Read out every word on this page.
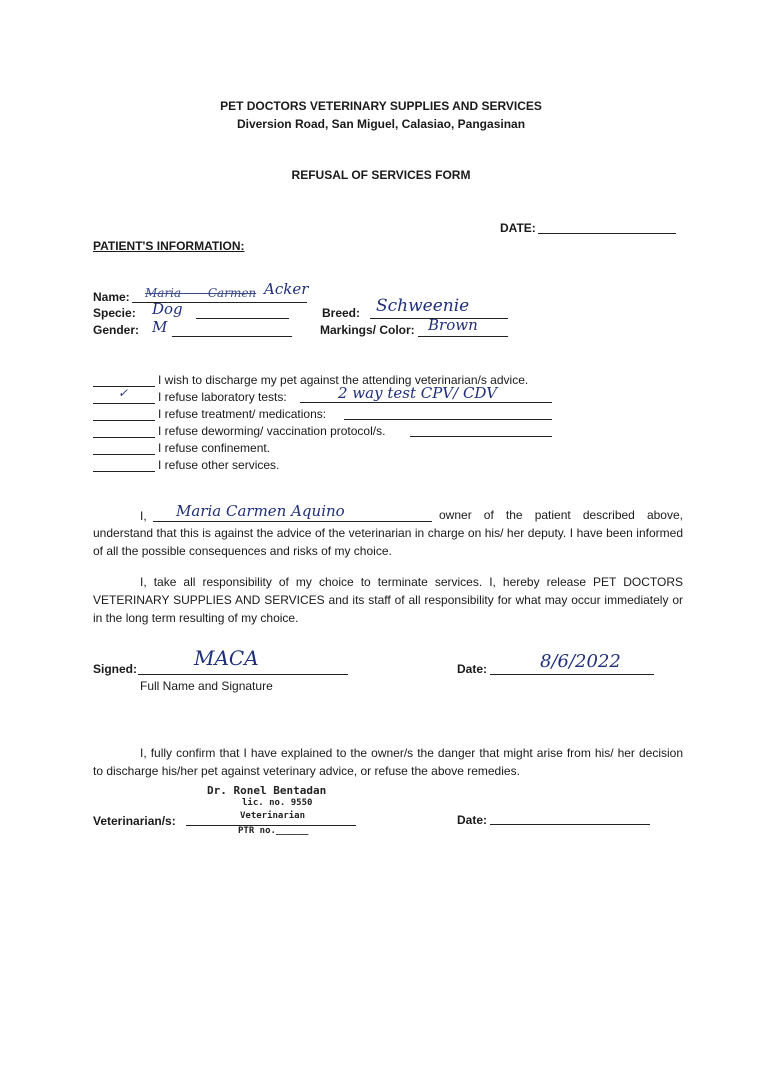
PET DOCTORS VETERINARY SUPPLIES AND SERVICES
Diversion Road, San Miguel, Calasiao, Pangasinan
REFUSAL OF SERVICES FORM
DATE:
PATIENT'S INFORMATION:
Name: Maria       Carmen Acker
Specie: Dog
Gender: M
Breed: Schweenie
Markings/ Color: Brown
I wish to discharge my pet against the attending veterinarian/s advice.
✓ I refuse laboratory tests:	2 way test CPV/ CDV
I refuse treatment/ medications:
I refuse deworming/ vaccination protocol/s.
I refuse confinement.
I refuse other services.
I, Maria Carmen Aquino	owner of the patient described above, understand that this is against the advice of the veterinarian in charge on his/ her deputy. I have been informed of all the possible consequences and risks of my choice.
I, take all responsibility of my choice to terminate services. I, hereby release PET DOCTORS VETERINARY SUPPLIES AND SERVICES and its staff of all responsibility for what may occur immediately or in the long term resulting of my choice.
Signed:	MACA
Full Name and Signature
Date:	8/6/2022
I, fully confirm that I have explained to the owner/s the danger that might arise from his/ her decision to discharge his/her pet against veterinary advice, or refuse the above remedies.
Veterinarian/s:
Dr. Ronel Bentadan
lic. no. 9550
Veterinarian
PTR no.______
Date:
